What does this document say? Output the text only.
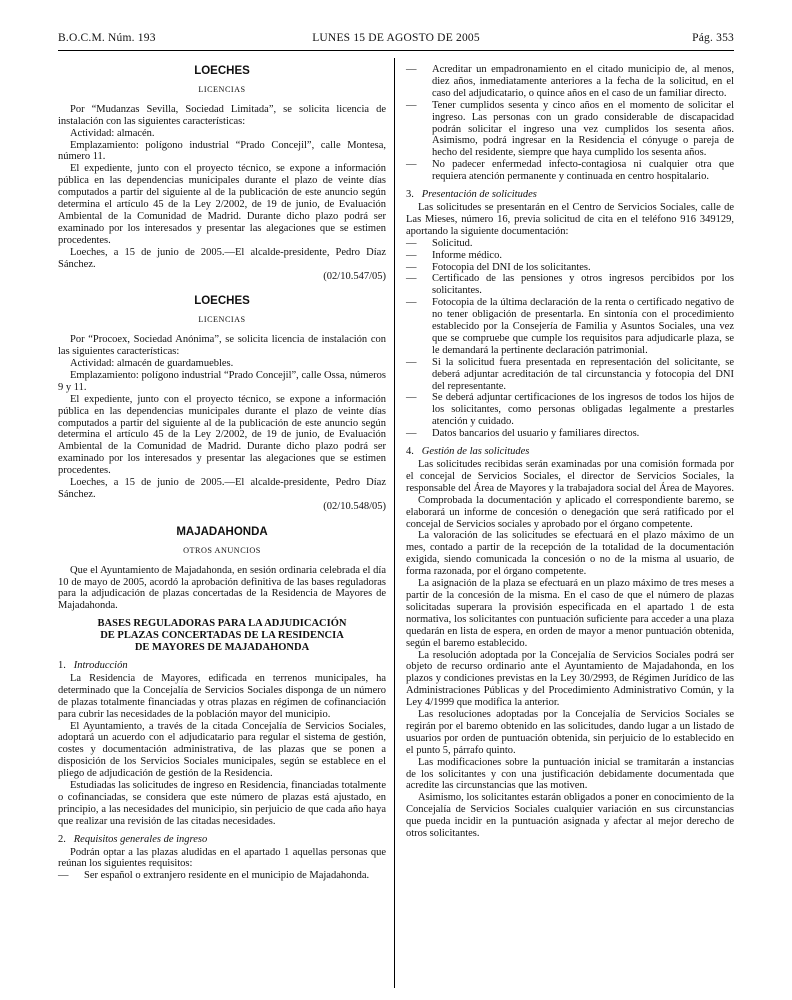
B.O.C.M. Núm. 193	LUNES 15 DE AGOSTO DE 2005	Pág. 353
LOECHES
LICENCIAS

Por “Mudanzas Sevilla, Sociedad Limitada”, se solicita licencia de instalación con las siguientes características:

Actividad: almacén.

Emplazamiento: polígono industrial “Prado Concejil”, calle Montesa, número 11.

El expediente, junto con el proyecto técnico, se expone a información pública en las dependencias municipales durante el plazo de veinte días computados a partir del siguiente al de la publicación de este anuncio según determina el artículo 45 de la Ley 2/2002, de 19 de junio, de Evaluación Ambiental de la Comunidad de Madrid. Durante dicho plazo podrá ser examinado por los interesados y presentar las alegaciones que se estimen procedentes.

Loeches, a 15 de junio de 2005.—El alcalde-presidente, Pedro Díaz Sánchez.

(02/10.547/05)

LOECHES
LICENCIAS

Por “Procoex, Sociedad Anónima”, se solicita licencia de instalación con las siguientes características:

Actividad: almacén de guardamuebles.

Emplazamiento: polígono industrial “Prado Concejil”, calle Ossa, números 9 y 11.

El expediente, junto con el proyecto técnico, se expone a información pública en las dependencias municipales durante el plazo de veinte días computados a partir del siguiente al de la publicación de este anuncio según determina el artículo 45 de la Ley 2/2002, de 19 de junio, de Evaluación Ambiental de la Comunidad de Madrid. Durante dicho plazo podrá ser examinado por los interesados y presentar las alegaciones que se estimen procedentes.

Loeches, a 15 de junio de 2005.—El alcalde-presidente, Pedro Díaz Sánchez.

(02/10.548/05)

MAJADAHONDA
OTROS ANUNCIOS

Que el Ayuntamiento de Majadahonda, en sesión ordinaria celebrada el día 10 de mayo de 2005, acordó la aprobación definitiva de las bases reguladoras para la adjudicación de plazas concertadas de la Residencia de Mayores de Majadahonda.

BASES REGULADORAS PARA LA ADJUDICACIÓN

DE PLAZAS CONCERTADAS DE LA RESIDENCIA

DE MAYORES DE MAJADAHONDA

1. Introducción

La Residencia de Mayores, edificada en terrenos municipales, ha determinado que la Concejalía de Servicios Sociales disponga de un número de plazas totalmente financiadas y otras plazas en régimen de cofinanciación para cubrir las necesidades de la población mayor del municipio.

El Ayuntamiento, a través de la citada Concejalía de Servicios Sociales, adoptará un acuerdo con el adjudicatario para regular el sistema de gestión, costes y documentación administrativa, de las plazas que se ponen a disposición de los Servicios Sociales municipales, según se establece en el pliego de adjudicación de gestión de la Residencia.

Estudiadas las solicitudes de ingreso en Residencia, financiadas totalmente o cofinanciadas, se considera que este número de plazas está ajustado, en principio, a las necesidades del municipio, sin perjuicio de que cada año haya que realizar una revisión de las citadas necesidades.

2. Requisitos generales de ingreso

Podrán optar a las plazas aludidas en el apartado 1 aquellas personas que reúnan los siguientes requisitos:

— Ser español o extranjero residente en el municipio de Majadahonda.

— Acreditar un empadronamiento en el citado municipio de, al menos, diez años, inmediatamente anteriores a la fecha de la solicitud, en el caso del adjudicatario, o quince años en el caso de un familiar directo.

— Tener cumplidos sesenta y cinco años en el momento de solicitar el ingreso. Las personas con un grado considerable de discapacidad podrán solicitar el ingreso una vez cumplidos los sesenta años. Asimismo, podrá ingresar en la Residencia el cónyuge o pareja de hecho del residente, siempre que haya cumplido los sesenta años.

— No padecer enfermedad infecto-contagiosa ni cualquier otra que requiera atención permanente y continuada en centro hospitalario.

3. Presentación de solicitudes

Las solicitudes se presentarán en el Centro de Servicios Sociales, calle de Las Mieses, número 16, previa solicitud de cita en el teléfono 916 349129, aportando la siguiente documentación:

— Solicitud.

— Informe médico.

— Fotocopia del DNI de los solicitantes.

— Certificado de las pensiones y otros ingresos percibidos por los solicitantes.

— Fotocopia de la última declaración de la renta o certificado negativo de no tener obligación de presentarla. En sintonía con el procedimiento establecido por la Consejería de Familia y Asuntos Sociales, una vez que se compruebe que cumple los requisitos para adjudicarle plaza, se le demandará la pertinente declaración patrimonial.

— Si la solicitud fuera presentada en representación del solicitante, se deberá adjuntar acreditación de tal circunstancia y fotocopia del DNI del representante.

— Se deberá adjuntar certificaciones de los ingresos de todos los hijos de los solicitantes, como personas obligadas legalmente a prestarles atención y cuidado.

— Datos bancarios del usuario y familiares directos.

4. Gestión de las solicitudes

Las solicitudes recibidas serán examinadas por una comisión formada por el concejal de Servicios Sociales, el director de Servicios Sociales, la responsable del Área de Mayores y la trabajadora social del Área de Mayores.

Comprobada la documentación y aplicado el correspondiente baremo, se elaborará un informe de concesión o denegación que será ratificado por el concejal de Servicios sociales y aprobado por el órgano competente.

La valoración de las solicitudes se efectuará en el plazo máximo de un mes, contado a partir de la recepción de la totalidad de la documentación exigida, siendo comunicada la concesión o no de la misma al usuario, de forma razonada, por el órgano competente.

La asignación de la plaza se efectuará en un plazo máximo de tres meses a partir de la concesión de la misma. En el caso de que el número de plazas solicitadas superara la provisión especificada en el apartado 1 de esta normativa, los solicitantes con puntuación suficiente para acceder a una plaza quedarán en lista de espera, en orden de mayor a menor puntuación obtenida, según el baremo establecido.

La resolución adoptada por la Concejalía de Servicios Sociales podrá ser objeto de recurso ordinario ante el Ayuntamiento de Majadahonda, en los plazos y condiciones previstas en la Ley 30/2993, de Régimen Jurídico de las Administraciones Públicas y del Procedimiento Administrativo Común, y la Ley 4/1999 que modifica la anterior.

Las resoluciones adoptadas por la Concejalía de Servicios Sociales se regirán por el baremo obtenido en las solicitudes, dando lugar a un listado de usuarios por orden de puntuación obtenida, sin perjuicio de lo establecido en el punto 5, párrafo quinto.

Las modificaciones sobre la puntuación inicial se tramitarán a instancias de los solicitantes y con una justificación debidamente documentada que acredite las circunstancias que las motiven.

Asimismo, los solicitantes estarán obligados a poner en conocimiento de la Concejalía de Servicios Sociales cualquier variación en sus circunstancias que pueda incidir en la puntuación asignada y afectar al mejor derecho de otros solicitantes.
